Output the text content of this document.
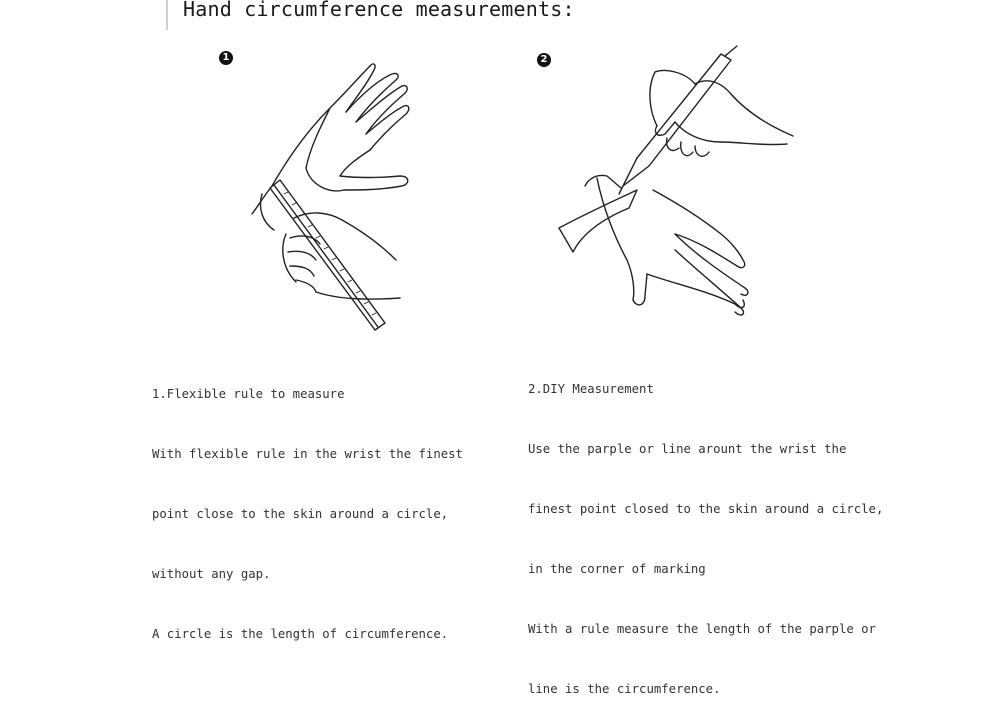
Hand circumference measurements:
1	2

1.Flexible rule to measure

With flexible rule in the wrist the finest

point close to the skin around a circle,

without any gap.

A circle is the length of circumference.

2.DIY Measurement

Use the parple or line arount the wrist the

finest point closed to the skin around a circle,

in the corner of marking

With a rule measure the length of the parple or

line is the circumference.
